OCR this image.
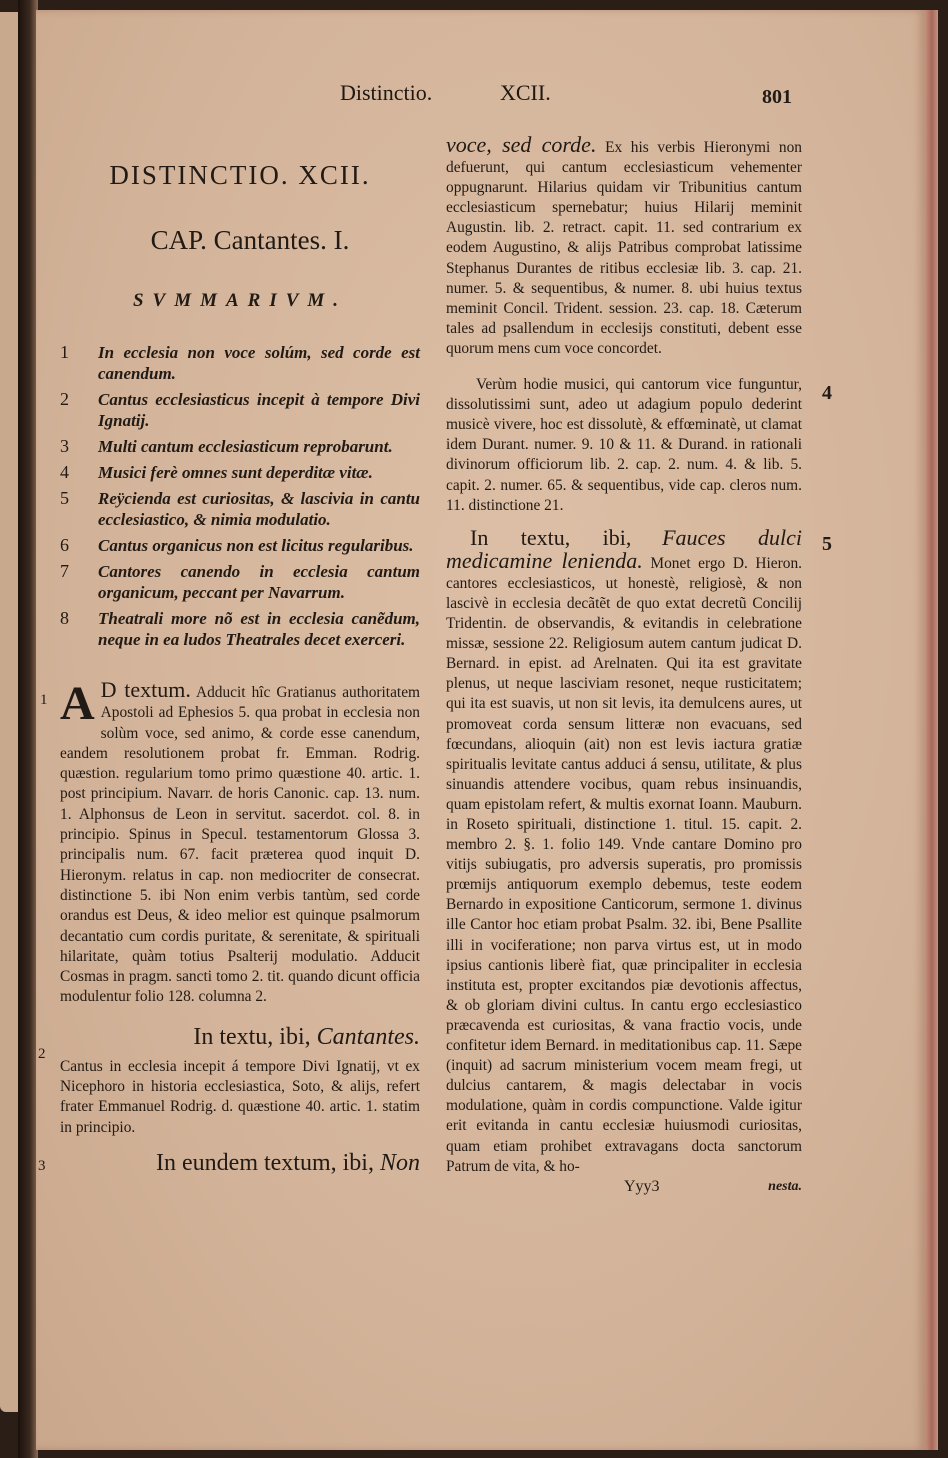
Distinctio.	XCII.	801
DISTINCTIO. XCII.
CAP. Cantantes. I.
SVMMARIVM.
1 In ecclesia non voce solúm, sed corde est canendum.
2 Cantus ecclesiasticus incepit à tempore Divi Ignatij.
3 Multi cantum ecclesiasticum reprobarunt.
4 Musici ferè omnes sunt deperditæ vitæ.
5 Reÿcienda est curiositas, & lascivia in cantu ecclesiastico, & nimia modulatio.
6 Cantus organicus non est licitus regularibus.
7 Cantores canendo in ecclesia cantum organicum, peccant per Navarrum.
8 Theatrali more nõ est in ecclesia canẽdum, neque in ea ludos Theatrales decet exerceri.
1 A D textum. Adducit hîc Gratianus authoritatem Apostoli ad Ephesios 5. qua probat in ecclesia non solùm voce, sed animo, & corde esse canendum, eandem resolutionem probat fr. Emman. Rodrig. quæstion. regularium tomo primo quæstione 40. artic. 1. post principium. Navarr. de horis Canonic. cap. 13. num. 1. Alphonsus de Leon in servitut. sacerdot. col. 8. in principio. Spinus in Specul. testamentorum Glossa 3. principalis num. 67. facit præterea quod inquit D. Hieronym. relatus in cap. non mediocriter de consecrat. distinctione 5. ibi Non enim verbis tantùm, sed corde orandus est Deus, & ideo melior est quinque psalmorum decantatio cum cordis puritate, & serenitate, & spirituali hilaritate, quàm totius Psalterij modulatio. Adducit Cosmas in pragm. sancti tomo 2. tit. quando dicunt officia modulentur folio 128. columna 2.
2
In textu, ibi, Cantantes.
Cantus in ecclesia incepit á tempore Divi Ignatij, vt ex Nicephoro in historia ecclesiastica, Soto, & alijs, refert frater Emmanuel Rodrig. d. quæstione 40. artic. 1. statim in principio.
3	In eundem textum, ibi, Non
voce, sed corde. Ex his verbis Hieronymi non defuerunt, qui cantum ecclesiasticum vehementer oppugnarunt. Hilarius quidam vir Tribunitius cantum ecclesiasticum spernebatur; huius Hilarij meminit Augustin. lib. 2. retract. capit. 11. sed contrarium ex eodem Augustino, & alijs Patribus comprobat latissime Stephanus Durantes de ritibus ecclesiæ lib. 3. cap. 21. numer. 5. & sequentibus, & numer. 8. ubi huius textus meminit Concil. Trident. session. 23. cap. 18. Cæterum tales ad psallendum in ecclesijs constituti, debent esse quorum mens cum voce concordet.
4
Verùm hodie musici, qui cantorum vice funguntur, dissolutissimi sunt, adeo ut adagium populo dederint musicè vivere, hoc est dissolutè, & effœminatè, ut clamat idem Durant. numer. 9. 10 & 11. & Durand. in rationali divinorum officiorum lib. 2. cap. 2. num. 4. & lib. 5. capit. 2. numer. 65. & sequentibus, vide cap. cleros num. 11. distinctione 21.
5
In textu, ibi, Fauces dulci medicamine lenienda. Monet ergo D. Hieron. cantores ecclesiasticos, ut honestè, religiosè, & non lascivè in ecclesia decãtẽt de quo extat decretũ Concilij Tridentin. de observandis, & evitandis in celebratione missæ, sessione 22. Religiosum autem cantum judicat D. Bernard. in epist. ad Arelnaten. Qui ita est gravitate plenus, ut neque lasciviam resonet, neque rusticitatem; qui ita est suavis, ut non sit levis, ita demulcens aures, ut promoveat corda sensum litteræ non evacuans, sed fœcundans, alioquin (ait) non est levis iactura gratiæ spiritualis levitate cantus adduci á sensu, utilitate, & plus sinuandis attendere vocibus, quam rebus insinuandis, quam epistolam refert, & multis exornat Ioann. Mauburn. in Roseto spirituali, distinctione 1. titul. 15. capit. 2. membro 2. §. 1. folio 149. Vnde cantare Domino pro vitijs subiugatis, pro adversis superatis, pro promissis prœmijs antiquorum exemplo debemus, teste eodem Bernardo in expositione Canticorum, sermone 1. divinus ille Cantor hoc etiam probat Psalm. 32. ibi, Bene Psallite illi in vociferatione; non parva virtus est, ut in modo ipsius cantionis liberè fiat, quæ principaliter in ecclesia instituta est, propter excitandos piæ devotionis affectus, & ob gloriam divini cultus. In cantu ergo ecclesiastico præcavenda est curiositas, & vana fractio vocis, unde confitetur idem Bernard. in meditationibus cap. 11. Sæpe (inquit) ad sacrum ministerium vocem meam fregi, ut dulcius cantarem, & magis delectabar in vocis modulatione, quàm in cordis compunctione. Valde igitur erit evitanda in cantu ecclesiæ huiusmodi curiositas, quam etiam prohibet extravagans docta sanctorum Patrum de vita, & ho-
Yyy3	nesta.
